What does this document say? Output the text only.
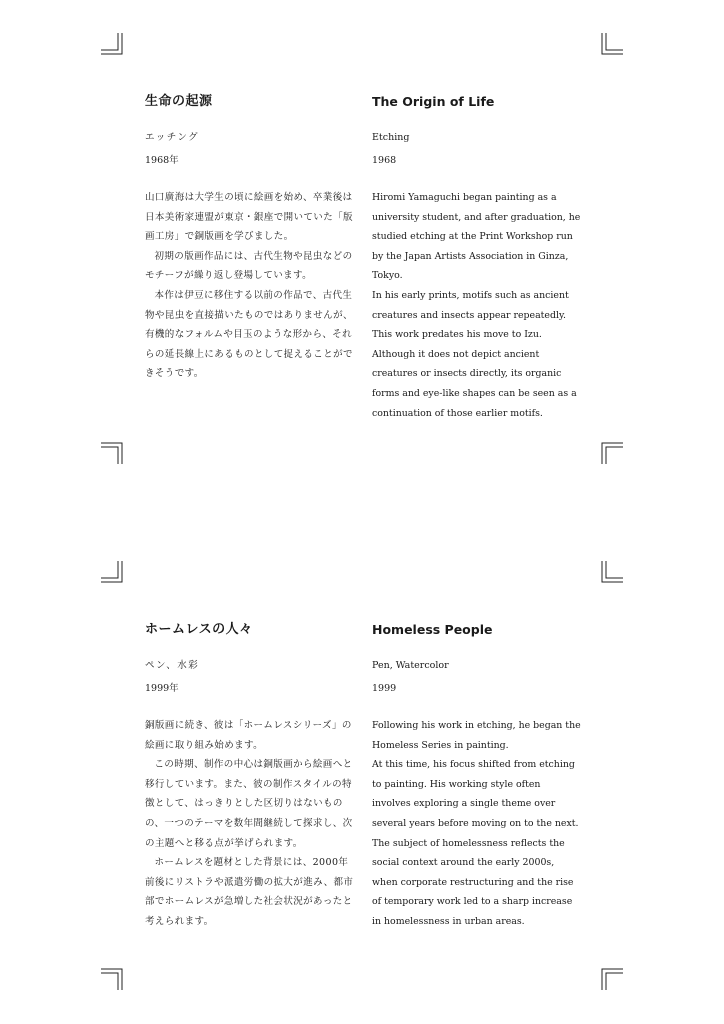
生命の起源

エッチング

1968年

山口廣海は大学生の頃に絵画を始め、卒業後は日本美術家連盟が東京・銀座で開いていた「版画工房」で銅版画を学びました。

初期の版画作品には、古代生物や昆虫などのモチーフが繰り返し登場しています。

本作は伊豆に移住する以前の作品で、古代生物や昆虫を直接描いたものではありませんが、有機的なフォルムや目玉のような形から、それらの延長線上にあるものとして捉えることができそうです。

The Origin of Life

Etching

1968

Hiromi Yamaguchi began painting as a university student, and after graduation, he studied etching at the Print Workshop run by the Japan Artists Association in Ginza, Tokyo.

In his early prints, motifs such as ancient creatures and insects appear repeatedly.

This work predates his move to Izu. Although it does not depict ancient creatures or insects directly, its organic forms and eye-like shapes can be seen as a continuation of those earlier motifs.

ホームレスの人々

ペン、水彩

1999年

銅版画に続き、彼は「ホームレスシリーズ」の絵画に取り組み始めます。

この時期、制作の中心は銅版画から絵画へと移行しています。また、彼の制作スタイルの特徴として、はっきりとした区切りはないものの、一つのテーマを数年間継続して探求し、次の主題へと移る点が挙げられます。

ホームレスを題材とした背景には、2000年前後にリストラや派遣労働の拡大が進み、都市部でホームレスが急増した社会状況があったと考えられます。

Homeless People

Pen, Watercolor

1999

Following his work in etching, he began the Homeless Series in painting.

At this time, his focus shifted from etching to painting. His working style often involves exploring a single theme over several years before moving on to the next.

The subject of homelessness reflects the social context around the early 2000s, when corporate restructuring and the rise of temporary work led to a sharp increase in homelessness in urban areas.
